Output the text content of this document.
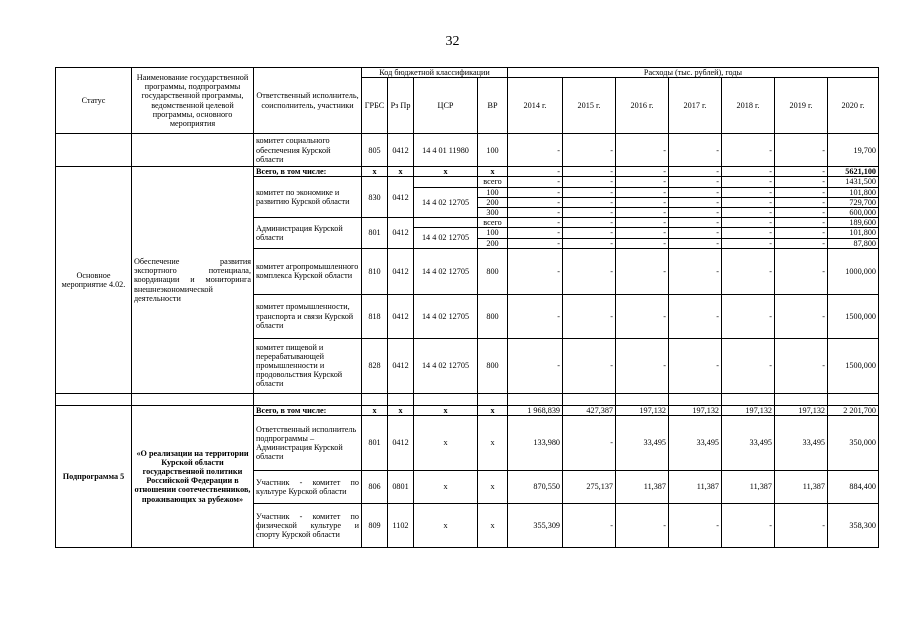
32
Статус	Наименование государственной программы, подпрограммы государственной программы, ведомственной целевой программы, основного мероприятия	Ответственный исполнитель, соисполнитель, участники	Код бюджетной классификации				Расходы (тыс. рублей), годы						
			ГРБС	Рз Пр	ЦСР	ВР	2014 г.	2015 г.	2016 г.	2017 г.	2018 г.	2019 г.	2020 г.
		комитет социального обеспечения Курской области	805	0412	14 4 01 11980	100	-	-	-	-	-	-	19,700
Основное мероприятие 4.02.	Обеспечение развития экспортного потенциала, координации и мониторинга внешнеэкономической деятельности	Всего, в том числе:	x	x	x	x	-	-	-	-	-	-	5621,100
		комитет по экономике и развитию Курской области	830	0412		всего	-	-	-	-	-	-	1431,500
					14 4 02 12705	100	-	-	-	-	-	-	101,800
						200	-	-	-	-	-	-	729,700
						300	-	-	-	-	-	-	600,000
		Администрация Курской области	801	0412		всего	-	-	-	-	-	-	189,600
					14 4 02 12705	100	-	-	-	-	-	-	101,800
						200	-	-	-	-	-	-	87,800
		комитет агропромышленного комплекса Курской области	810	0412	14 4 02 12705	800	-	-	-	-	-	-	1000,000
		комитет промышленности, транспорта и связи Курской области	818	0412	14 4 02 12705	800	-	-	-	-	-	-	1500,000
		комитет пищевой и перерабатывающей промышленности и продовольствия Курской области	828	0412	14 4 02 12705	800	-	-	-	-	-	-	1500,000

Подпрограмма 5	«О реализации на территории Курской области государственной политики Российской Федерации в отношении соотечественников, проживающих за рубежом»	Всего, в том числе:	x	x	x	x	1 968,839	427,387	197,132	197,132	197,132	197,132	2 201,700
		Ответственный исполнитель подпрограммы – Администрация Курской области	801	0412	x	x	133,980	-	33,495	33,495	33,495	33,495	350,000
		Участник - комитет по культуре Курской области	806	0801	x	x	870,550	275,137	11,387	11,387	11,387	11,387	884,400
		Участник - комитет по физической культуре и спорту Курской области	809	1102	x	x	355,309	-	-	-	-	-	358,300
